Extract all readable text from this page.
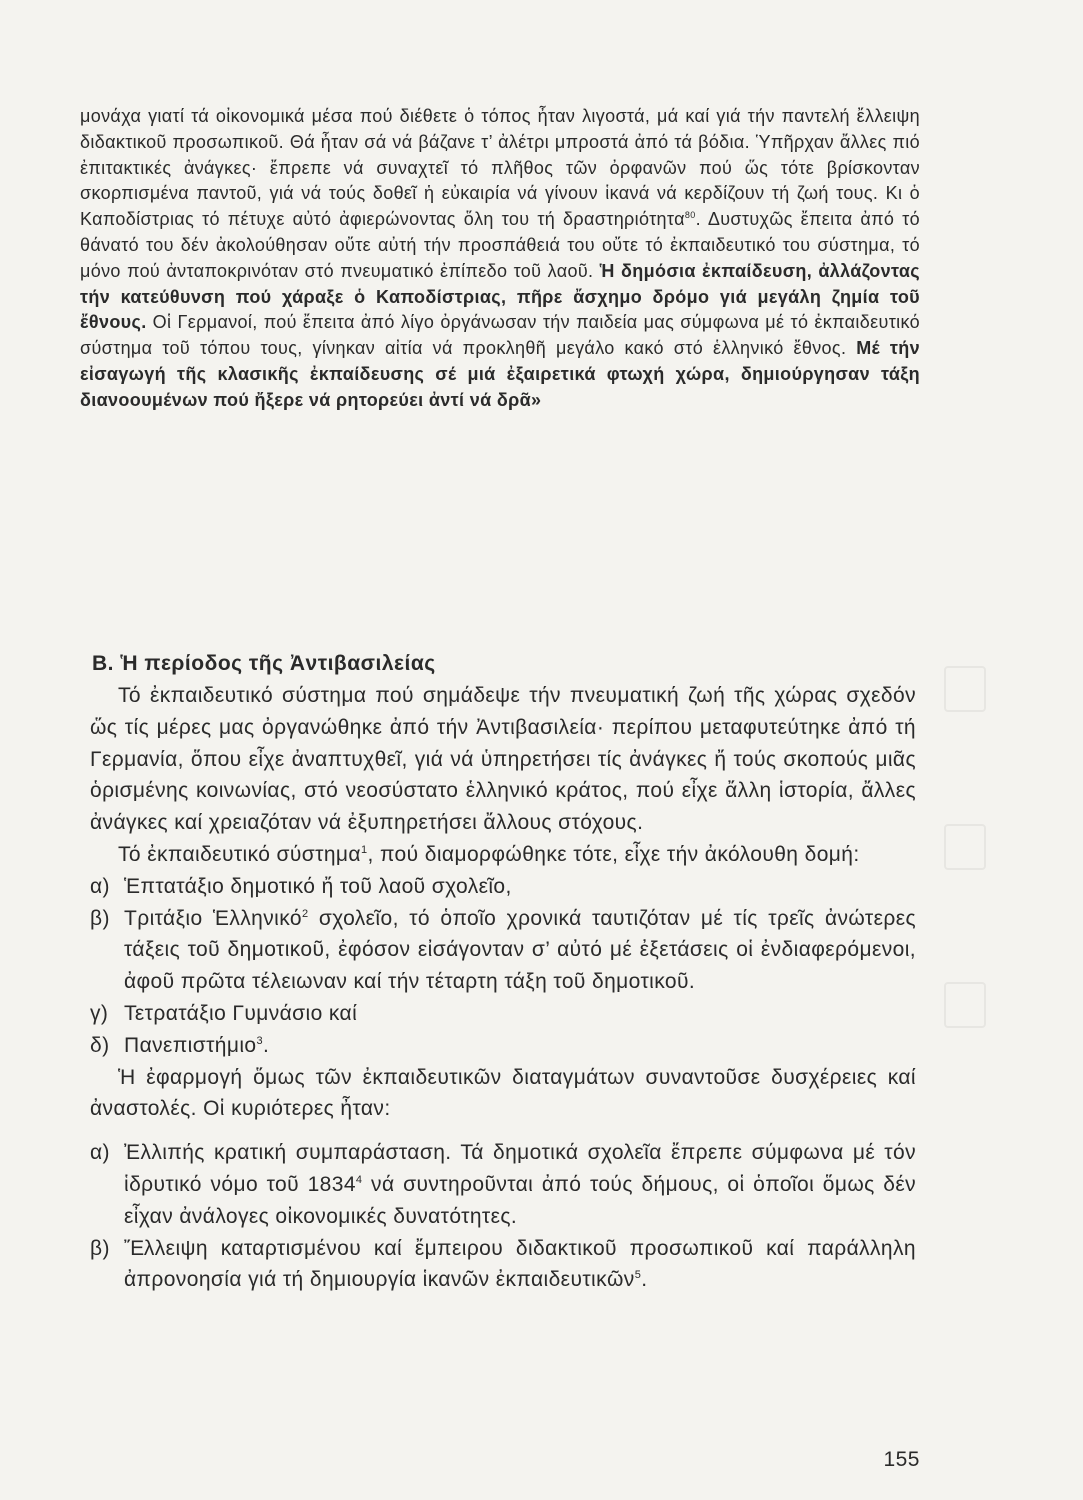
μονάχα γιατί τά οἰκονομικά μέσα πού διέθετε ὁ τόπος ἦταν λιγοστά, μά καί γιά τήν παντελή ἔλλειψη διδακτικοῦ προσωπικοῦ. Θά ἦταν σά νά βάζανε τ’ ἀλέτρι μπροστά ἀπό τά βόδια. Ὑπῆρχαν ἄλλες πιό ἐπιτακτικές ἀνάγκες· ἔπρεπε νά συναχτεῖ τό πλῆθος τῶν ὀρφανῶν πού ὥς τότε βρίσκονταν σκορπισμένα παντοῦ, γιά νά τούς δοθεῖ ἡ εὐκαιρία νά γίνουν ἱκανά νά κερδίζουν τή ζωή τους. Κι ὁ Καποδίστριας τό πέτυχε αὐτό ἀφιερώνοντας ὅλη του τή δραστηριότητα$^{80}$. Δυστυχῶς ἔπειτα ἀπό τό θάνατό του δέν ἀκολούθησαν οὔτε αὐτή τήν προσπάθειά του οὔτε τό ἐκπαιδευτικό του σύστημα, τό μόνο πού ἀνταποκρινόταν στό πνευματικό ἐπίπεδο τοῦ λαοῦ. Ἡ δημόσια ἐκπαίδευση, ἀλλάζοντας τήν κατεύθυνση πού χάραξε ὁ Καποδίστριας, πῆρε ἄσχημο δρόμο γιά μεγάλη ζημία τοῦ ἔθνους. Οἱ Γερμανοί, πού ἔπειτα ἀπό λίγο ὀργάνωσαν τήν παιδεία μας σύμφωνα μέ τό ἐκπαιδευτικό σύστημα τοῦ τόπου τους, γίνηκαν αἰτία νά προκληθῆ μεγάλο κακό στό ἑλληνικό ἔθνος. Μέ τήν εἰσαγωγή τῆς κλασικῆς ἐκπαίδευσης σέ μιά ἐξαιρετικά φτωχή χώρα, δημιούργησαν τάξη διανοουμένων πού ἤξερε νά ρητορεύει ἀντί νά δρᾶ»

Β. Ἡ περίοδος τῆς Ἀντιβασιλείας

Τό ἐκπαιδευτικό σύστημα πού σημάδεψε τήν πνευματική ζωή τῆς χώρας σχεδόν ὥς τίς μέρες μας ὀργανώθηκε ἀπό τήν Ἀντιβασιλεία· περίπου μεταφυτεύτηκε ἀπό τή Γερμανία, ὅπου εἶχε ἀναπτυχθεῖ, γιά νά ὑπηρετήσει τίς ἀνάγκες ἤ τούς σκοπούς μιᾶς ὁρισμένης κοινωνίας, στό νεοσύστατο ἑλληνικό κράτος, πού εἶχε ἄλλη ἱστορία, ἄλλες ἀνάγκες καί χρειαζόταν νά ἐξυπηρετήσει ἄλλους στόχους.

Τό ἐκπαιδευτικό σύστημα$^1$, πού διαμορφώθηκε τότε, εἶχε τήν ἀκόλουθη δομή:

α) Ἑπτατάξιο δημοτικό ἤ τοῦ λαοῦ σχολεῖο,
β) Τριτάξιο Ἑλληνικό$^2$ σχολεῖο, τό ὁποῖο χρονικά ταυτιζόταν μέ τίς τρεῖς ἀνώτερες τάξεις τοῦ δημοτικοῦ, ἐφόσον εἰσάγονταν σ’ αὐτό μέ ἐξετάσεις οἱ ἐνδιαφερόμενοι, ἀφοῦ πρῶτα τέλειωναν καί τήν τέταρτη τάξη τοῦ δημοτικοῦ.
γ) Τετρατάξιο Γυμνάσιο καί
δ) Πανεπιστήμιο$^3$.

Ἡ ἐφαρμογή ὅμως τῶν ἐκπαιδευτικῶν διαταγμάτων συναντοῦσε δυσχέρειες καί ἀναστολές. Οἱ κυριότερες ἦταν:

α) Ἐλλιπής κρατική συμπαράσταση. Τά δημοτικά σχολεῖα ἔπρεπε σύμφωνα μέ τόν ἱδρυτικό νόμο τοῦ 1834$^4$ νά συντηροῦνται ἀπό τούς δήμους, οἱ ὁποῖοι ὅμως δέν εἶχαν ἀνάλογες οἰκονομικές δυνατότητες.
β) Ἔλλειψη καταρτισμένου καί ἔμπειρου διδακτικοῦ προσωπικοῦ καί παράλληλη ἀπρονοησία γιά τή δημιουργία ἱκανῶν ἐκπαιδευτικῶν$^5$.
155
